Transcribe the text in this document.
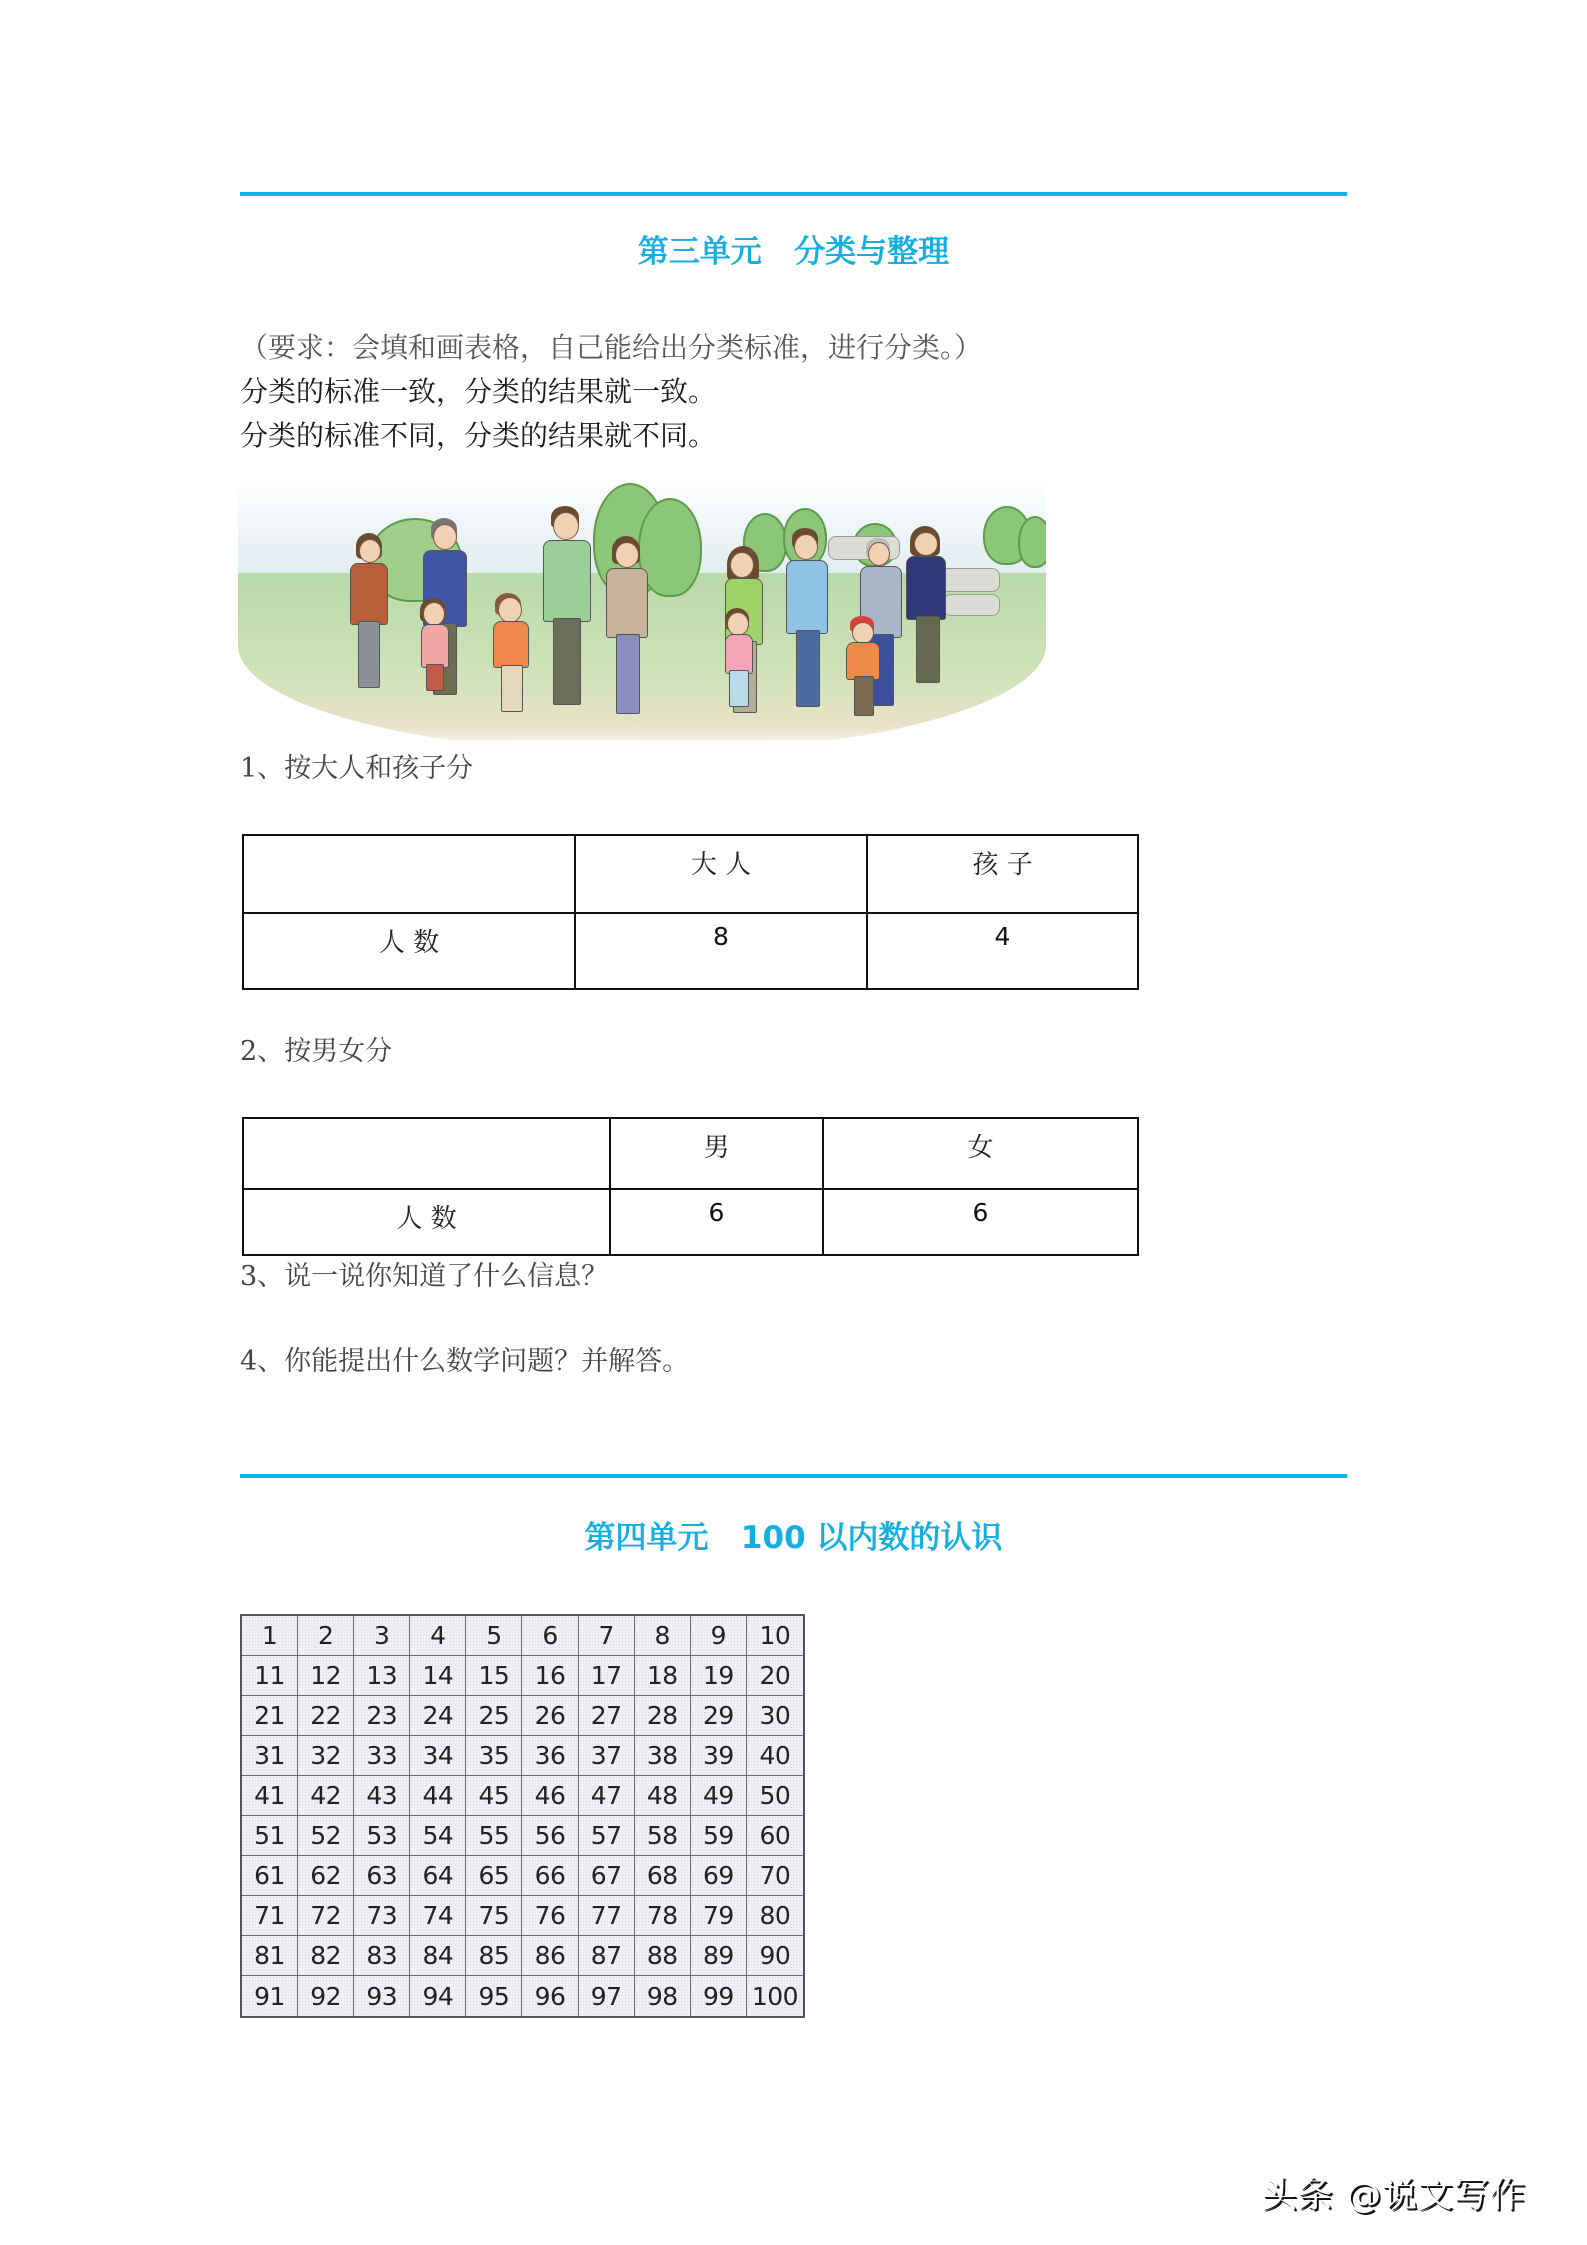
第三单元   分类与整理
（要求：会填和画表格，自己能给出分类标准，进行分类。）
分类的标准一致，分类的结果就一致。
分类的标准不同，分类的结果就不同。
1、按大人和孩子分
	大 人	孩 子
人 数	8	4
2、按男女分
	男	女
人 数	6	6
3、说一说你知道了什么信息？
4、你能提出什么数学问题？并解答。
第四单元   100 以内数的认识
1	2	3	4	5	6	7	8	9	10
11	12	13	14	15	16	17	18	19	20
21	22	23	24	25	26	27	28	29	30
31	32	33	34	35	36	37	38	39	40
41	42	43	44	45	46	47	48	49	50
51	52	53	54	55	56	57	58	59	60
61	62	63	64	65	66	67	68	69	70
71	72	73	74	75	76	77	78	79	80
81	82	83	84	85	86	87	88	89	90
91	92	93	94	95	96	97	98	99 100
头条 @说文写作
